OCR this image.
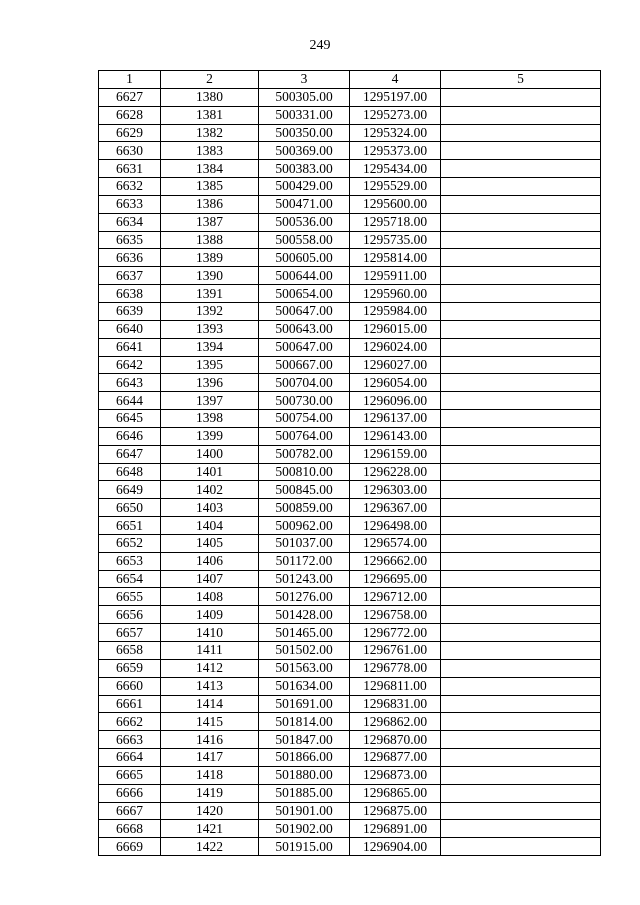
249
1	2	3	4	5
6627	1380	500305.00	1295197.00	
6628	1381	500331.00	1295273.00	
6629	1382	500350.00	1295324.00	
6630	1383	500369.00	1295373.00	
6631	1384	500383.00	1295434.00	
6632	1385	500429.00	1295529.00	
6633	1386	500471.00	1295600.00	
6634	1387	500536.00	1295718.00	
6635	1388	500558.00	1295735.00	
6636	1389	500605.00	1295814.00	
6637	1390	500644.00	1295911.00	
6638	1391	500654.00	1295960.00	
6639	1392	500647.00	1295984.00	
6640	1393	500643.00	1296015.00	
6641	1394	500647.00	1296024.00	
6642	1395	500667.00	1296027.00	
6643	1396	500704.00	1296054.00	
6644	1397	500730.00	1296096.00	
6645	1398	500754.00	1296137.00	
6646	1399	500764.00	1296143.00	
6647	1400	500782.00	1296159.00	
6648	1401	500810.00	1296228.00	
6649	1402	500845.00	1296303.00	
6650	1403	500859.00	1296367.00	
6651	1404	500962.00	1296498.00	
6652	1405	501037.00	1296574.00	
6653	1406	501172.00	1296662.00	
6654	1407	501243.00	1296695.00	
6655	1408	501276.00	1296712.00	
6656	1409	501428.00	1296758.00	
6657	1410	501465.00	1296772.00	
6658	1411	501502.00	1296761.00	
6659	1412	501563.00	1296778.00	
6660	1413	501634.00	1296811.00	
6661	1414	501691.00	1296831.00	
6662	1415	501814.00	1296862.00	
6663	1416	501847.00	1296870.00	
6664	1417	501866.00	1296877.00	
6665	1418	501880.00	1296873.00	
6666	1419	501885.00	1296865.00	
6667	1420	501901.00	1296875.00	
6668	1421	501902.00	1296891.00	
6669	1422	501915.00	1296904.00	
